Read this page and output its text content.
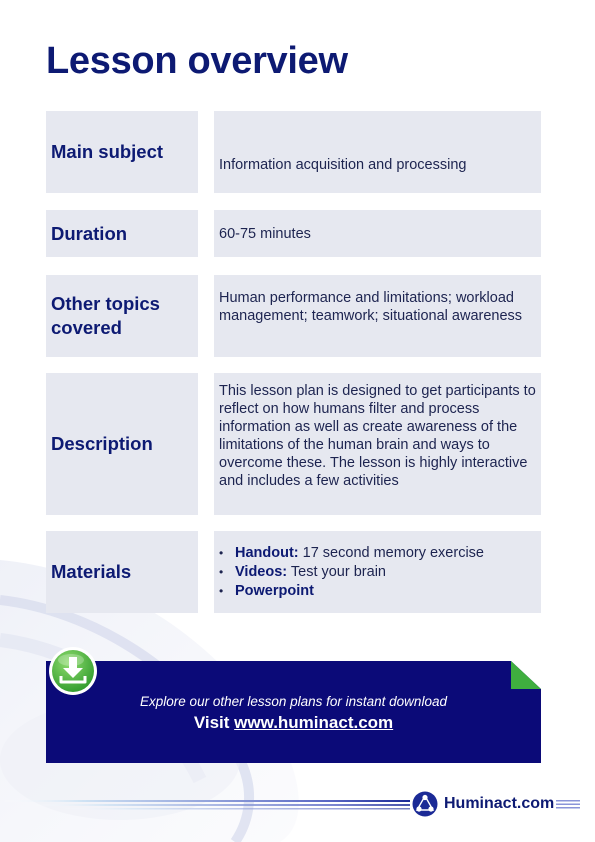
Lesson overview
Main subject
Information acquisition and processing
Duration	60-75 minutes
Other topics covered
Human performance and limitations; workload management; teamwork; situational awareness
Description
This lesson plan is designed to get participants to reflect on how humans filter and process information as well as create awareness of the limitations of the human brain and ways to overcome these. The lesson is highly interactive and includes a few activities
Materials
• Handout: 17 second memory exercise
• Videos: Test your brain
• Powerpoint
Explore our other lesson plans for instant download
Visit www.huminact.com
Huminact.com
